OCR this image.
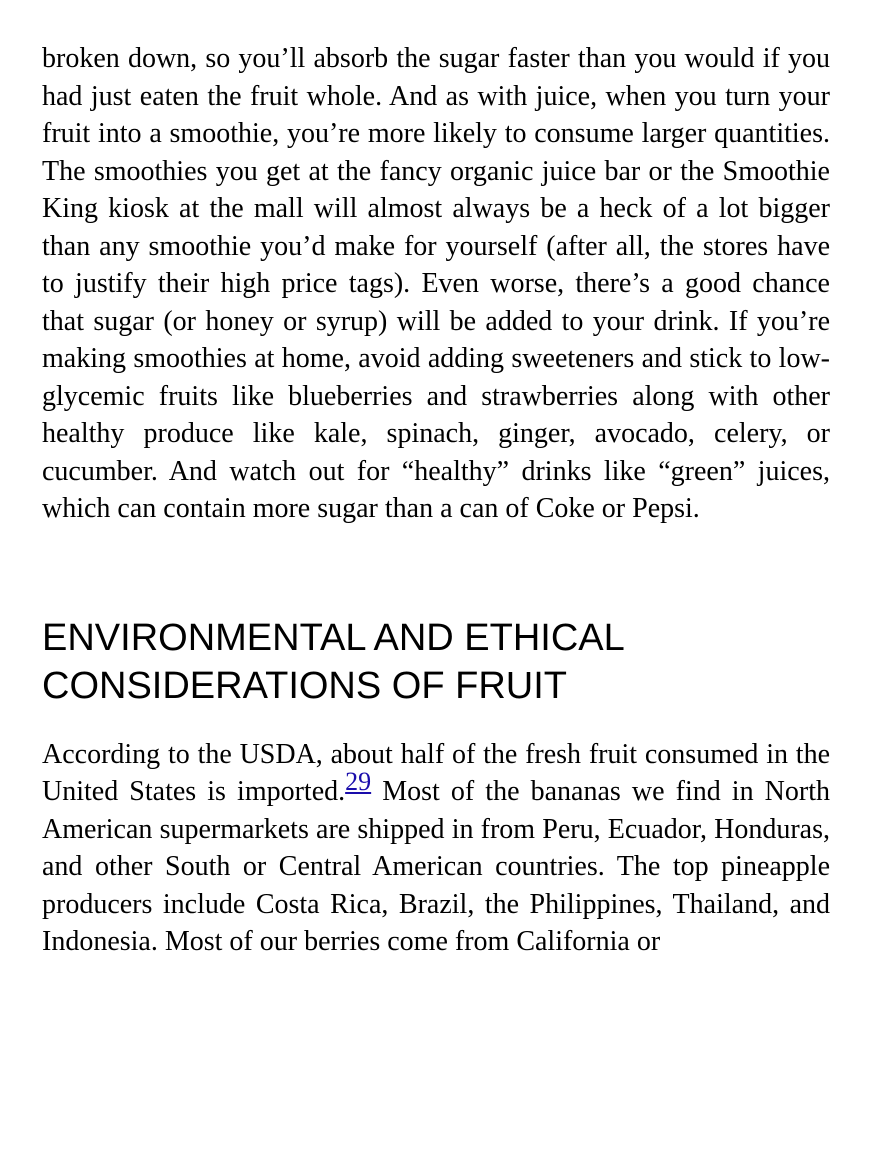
broken down, so you’ll absorb the sugar faster than you would if you had just eaten the fruit whole. And as with juice, when you turn your fruit into a smoothie, you’re more likely to consume larger quantities. The smoothies you get at the fancy organic juice bar or the Smoothie King kiosk at the mall will almost always be a heck of a lot bigger than any smoothie you’d make for yourself (after all, the stores have to justify their high price tags). Even worse, there’s a good chance that sugar (or honey or syrup) will be added to your drink. If you’re making smoothies at home, avoid adding sweeteners and stick to low-glycemic fruits like blueberries and strawberries along with other healthy produce like kale, spinach, ginger, avocado, celery, or cucumber. And watch out for “healthy” drinks like “green” juices, which can contain more sugar than a can of Coke or Pepsi.

ENVIRONMENTAL AND ETHICAL
CONSIDERATIONS OF FRUIT

According to the USDA, about half of the fresh fruit consumed in the United States is imported.29 Most of the bananas we find in North American supermarkets are shipped in from Peru, Ecuador, Honduras, and other South or Central American countries. The top pineapple producers include Costa Rica, Brazil, the Philippines, Thailand, and Indonesia. Most of our berries come from California or
